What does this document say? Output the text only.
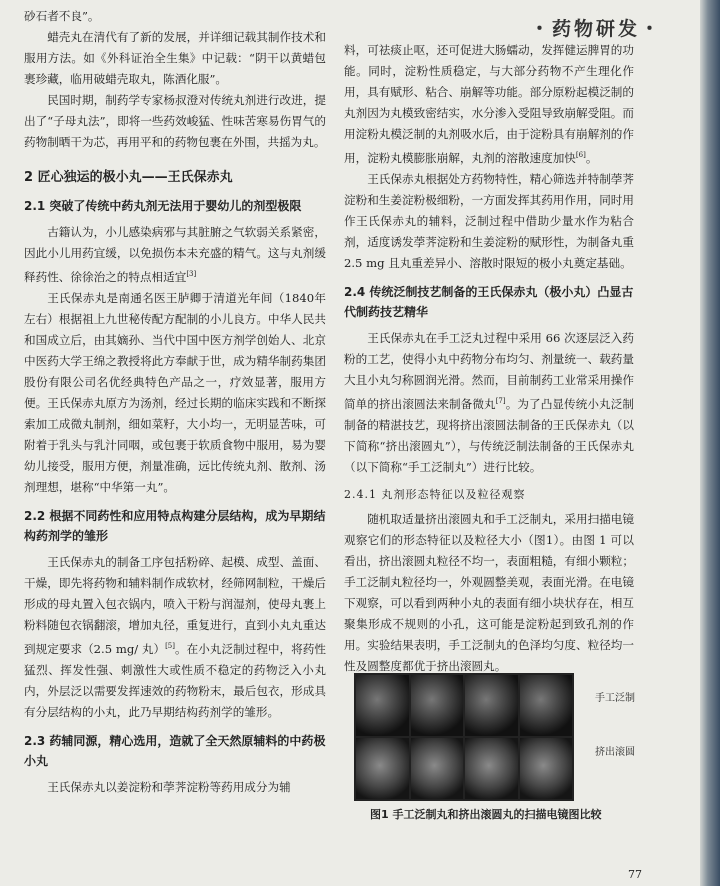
・药物研发・

砂石者不良”。

蜡壳丸在清代有了新的发展，并详细记载其制作技术和服用方法。如《外科证治全生集》中记载：“阴干以黄蜡包裹珍藏，临用破蜡壳取丸，陈酒化服”。

民国时期，制药学专家杨叔澄对传统丸剂进行改进，提出了“子母丸法”，即将一些药效峻猛、性味苦寒易伤胃气的药物制晒干为芯，再用平和的药物包裹在外围，共摇为丸。

2 匠心独运的极小丸——王氏保赤丸
2.1 突破了传统中药丸剂无法用于婴幼儿的剂型极限

古籍认为，小儿感染病邪与其脏腑之气软弱关系紧密，因此小儿用药宜缓，以免损伤本未充盛的精气。这与丸剂缓释药性、徐徐治之的特点相适宜[3]

王氏保赤丸是南通名医王胪卿于清道光年间（1840年左右）根据祖上九世秘传配方配制的小儿良方。中华人民共和国成立后，由其嫡孙、当代中国中医方剂学创始人、北京中医药大学王绵之教授将此方奉献于世，成为精华制药集团股份有限公司名优经典特色产品之一，疗效显著，服用方便。王氏保赤丸原方为汤剂，经过长期的临床实践和不断探索加工成微丸制剂，细如菜籽，大小均一，无明显苦味，可附着于乳头与乳汁同咽，或包裹于软质食物中服用，易为婴幼儿接受，服用方便，剂量准确，远比传统丸剂、散剂、汤剂理想，堪称“中华第一丸”。

2.2 根据不同药性和应用特点构建分层结构，成为早期结构药剂学的雏形

王氏保赤丸的制备工序包括粉碎、起模、成型、盖面、干燥，即先将药物和辅料制作成软材，经筛网制粒，干燥后形成的母丸置入包衣锅内，喷入干粉与润湿剂，使母丸裹上粉料随包衣锅翻滚，增加丸径，重复进行，直到小丸丸重达到规定要求（2.5 mg/ 丸）[5]。在小丸泛制过程中，将药性猛烈、挥发性强、刺激性大或性质不稳定的药物泛入小丸内，外层泛以需要发挥速效的药物粉末，最后包衣，形成具有分层结构的小丸，此乃早期结构药剂学的雏形。

2.3 药辅同源，精心选用，造就了全天然原辅料的中药极小丸

王氏保赤丸以姜淀粉和荸荠淀粉等药用成分为辅

料，可祛痰止呕，还可促进大肠蠕动，发挥健运脾胃的功能。同时，淀粉性质稳定，与大部分药物不产生理化作用，具有赋形、粘合、崩解等功能。部分原粉起模泛制的丸剂因为丸模致密结实，水分渗入受阻导致崩解受阻。而用淀粉丸模泛制的丸剂吸水后，由于淀粉具有崩解剂的作用，淀粉丸模膨胀崩解，丸剂的溶散速度加快[6]。

王氏保赤丸根据处方药物特性，精心筛选并特制荸荠淀粉和生姜淀粉极细粉，一方面发挥其药用作用，同时用作王氏保赤丸的辅料，泛制过程中借助少量水作为粘合剂，适度诱发荸荠淀粉和生姜淀粉的赋形性，为制备丸重 2.5 mg 且丸重差异小、溶散时限短的极小丸奠定基础。

2.4 传统泛制技艺制备的王氏保赤丸（极小丸）凸显古代制药技艺精华

王氏保赤丸在手工泛丸过程中采用 66 次逐层泛入药粉的工艺，使得小丸中药物分布均匀、剂量统一、载药量大且小丸匀称圆润光滑。然而，目前制药工业常采用操作简单的挤出滚圆法来制备微丸[7]。为了凸显传统小丸泛制制备的精湛技艺，现将挤出滚圆法制备的王氏保赤丸（以下简称“挤出滚圆丸”），与传统泛制法制备的王氏保赤丸（以下简称“手工泛制丸”）进行比较。

2.4.1 丸剂形态特征以及粒径观察

随机取适量挤出滚圆丸和手工泛制丸，采用扫描电镜观察它们的形态特征以及粒径大小（图1）。由图 1 可以看出，挤出滚圆丸粒径不均一，表面粗糙，有细小颗粒；手工泛制丸粒径均一，外观圆整美观，表面光滑。在电镜下观察，可以看到两种小丸的表面有细小块状存在，相互聚集形成不规则的小孔，这可能是淀粉起到致孔剂的作用。实验结果表明，手工泛制丸的色泽均匀度、粒径均一性及圆整度都优于挤出滚圆丸。

手工泛制
挤出滚圆
图1 手工泛制丸和挤出滚圆丸的扫描电镜图比较
77
